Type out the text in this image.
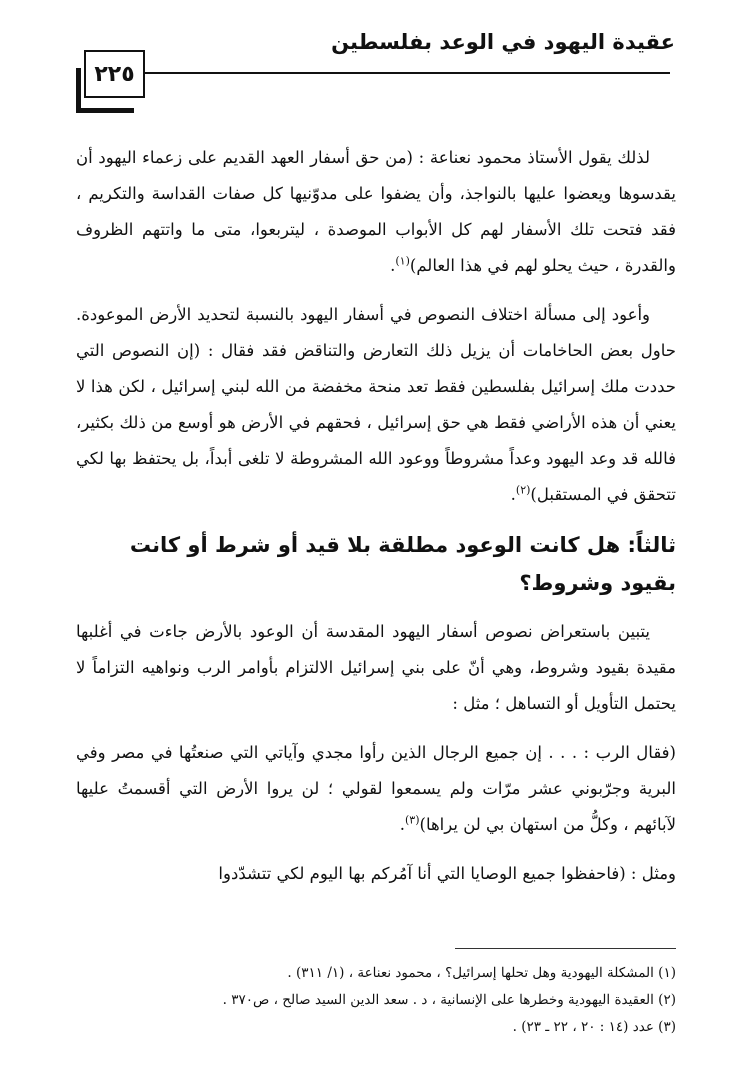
عقيدة اليهود في الوعد بفلسطين
٢٢٥

لذلك يقول الأستاذ محمود نعناعة : (من حق أسفار العهد القديم على زعماء اليهود أن يقدسوها ويعضوا عليها بالنواجذ، وأن يضفوا على مدوّنيها كل صفات القداسة والتكريم ، فقد فتحت تلك الأسفار لهم كل الأبواب الموصدة ، ليتربعوا، متى ما واتتهم الظروف والقدرة ، حيث يحلو لهم في هذا العالم)$^{(١)}$.

وأعود إلى مسألة اختلاف النصوص في أسفار اليهود بالنسبة لتحديد الأرض الموعودة. حاول بعض الحاخامات أن يزيل ذلك التعارض والتناقض فقد فقال : (إن النصوص التي حددت ملك إسرائيل بفلسطين فقط تعد منحة مخفضة من الله لبني إسرائيل ، لكن هذا لا يعني أن هذه الأراضي فقط هي حق إسرائيل ، فحقهم في الأرض هو أوسع من ذلك بكثير، فالله قد وعد اليهود وعداً مشروطاً ووعود الله المشروطة لا تلغى أبداً، بل يحتفظ بها لكي تتحقق في المستقبل)$^{(٢)}$.

ثالثاً: هل كانت الوعود مطلقة بلا قيد أو شرط أو كانت بقيود وشروط؟

يتبين باستعراض نصوص أسفار اليهود المقدسة أن الوعود بالأرض جاءت في أغلبها مقيدة بقيود وشروط، وهي أنّ على بني إسرائيل الالتزام بأوامر الرب ونواهيه التزاماً لا يحتمل التأويل أو التساهل ؛ مثل :

(فقال الرب : . . . إن جميع الرجال الذين رأوا مجدي وآياتي التي صنعتُها في مصر وفي البرية وجرّبوني عشر مرّات ولم يسمعوا لقولي ؛ لن يروا الأرض التي أقسمتُ عليها لآبائهم ، وكلُّ من استهان بي لن يراها)$^{(٣)}$.

ومثل : (فاحفظوا جميع الوصايا التي أنا آمُركم بها اليوم لكي تتشدّدوا

(١) المشكلة اليهودية وهل تحلها إسرائيل؟ ، محمود نعناعة ، (١/ ٣١١) .
(٢) العقيدة اليهودية وخطرها على الإنسانية ، د . سعد الدين السيد صالح ، ص٣٧٠ .
(٣) عدد (١٤ : ٢٠ ، ٢٢ ـ ٢٣) .
